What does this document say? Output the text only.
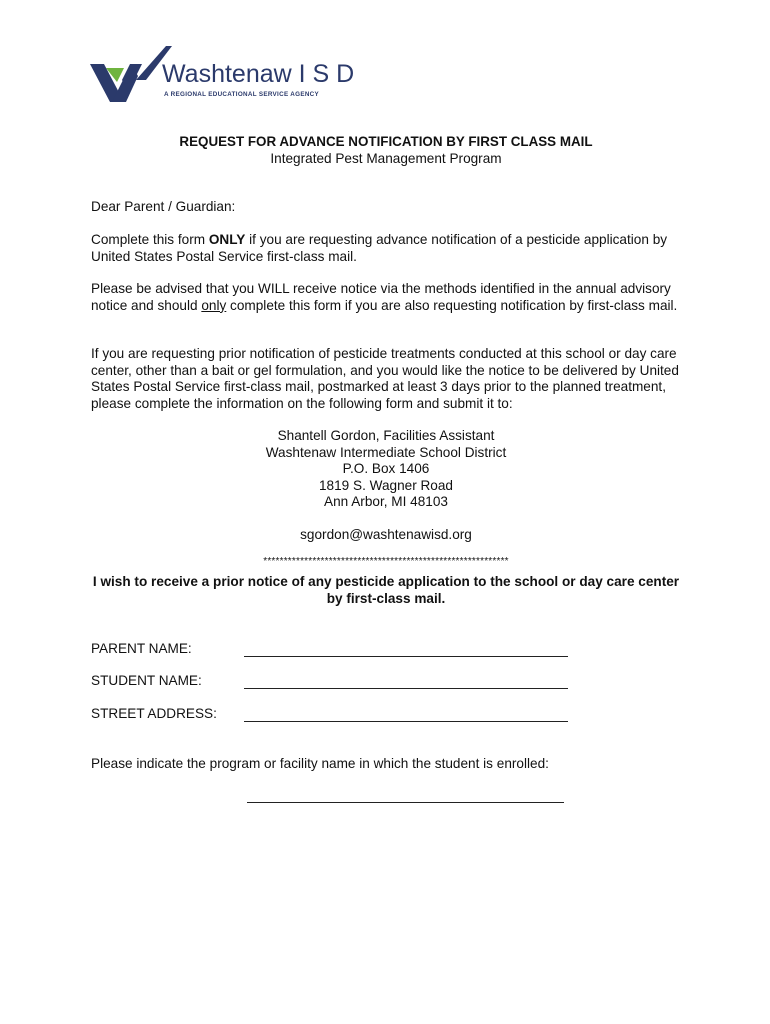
Washtenaw I S D
A REGIONAL EDUCATIONAL SERVICE AGENCY
REQUEST FOR ADVANCE NOTIFICATION BY FIRST CLASS MAIL
Integrated Pest Management Program
Dear Parent / Guardian:
Complete this form ONLY if you are requesting advance notification of a pesticide application by United States Postal Service first-class mail.
Please be advised that you WILL receive notice via the methods identified in the annual advisory notice and should only complete this form if you are also requesting notification by first-class mail.
If you are requesting prior notification of pesticide treatments conducted at this school or day care center, other than a bait or gel formulation, and you would like the notice to be delivered by United States Postal Service first-class mail, postmarked at least 3 days prior to the planned treatment, please complete the information on the following form and submit it to:
Shantell Gordon, Facilities Assistant
Washtenaw Intermediate School District
P.O. Box 1406
1819 S. Wagner Road
Ann Arbor, MI 48103
sgordon@washtenawisd.org
************************************************************
I wish to receive a prior notice of any pesticide application to the school or day care center by first-class mail.
PARENT NAME:
STUDENT NAME:
STREET ADDRESS:
Please indicate the program or facility name in which the student is enrolled:
